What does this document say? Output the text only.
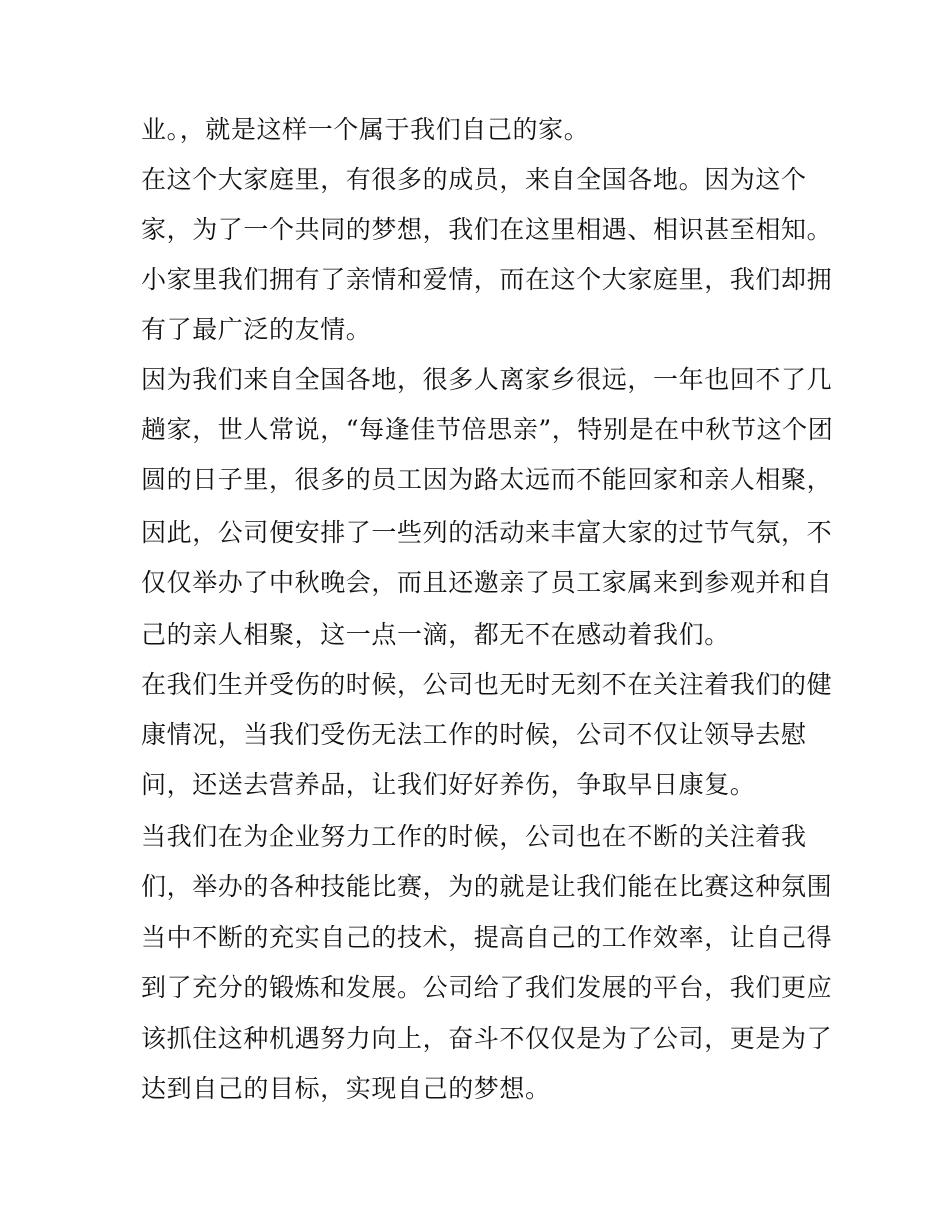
业。，就是这样一个属于我们自己的家。
在这个大家庭里，有很多的成员，来自全国各地。因为这个
家，为了一个共同的梦想，我们在这里相遇、相识甚至相知。
小家里我们拥有了亲情和爱情，而在这个大家庭里，我们却拥
有了最广泛的友情。
因为我们来自全国各地，很多人离家乡很远，一年也回不了几
趟家，世人常说，“每逢佳节倍思亲”，特别是在中秋节这个团
圆的日子里，很多的员工因为路太远而不能回家和亲人相聚，
因此，公司便安排了一些列的活动来丰富大家的过节气氛，不
仅仅举办了中秋晚会，而且还邀亲了员工家属来到参观并和自
己的亲人相聚，这一点一滴，都无不在感动着我们。
在我们生并受伤的时候，公司也无时无刻不在关注着我们的健
康情况，当我们受伤无法工作的时候，公司不仅让领导去慰
问，还送去营养品，让我们好好养伤，争取早日康复。
当我们在为企业努力工作的时候，公司也在不断的关注着我
们，举办的各种技能比赛，为的就是让我们能在比赛这种氛围
当中不断的充实自己的技术，提高自己的工作效率，让自己得
到了充分的锻炼和发展。公司给了我们发展的平台，我们更应
该抓住这种机遇努力向上，奋斗不仅仅是为了公司，更是为了
达到自己的目标，实现自己的梦想。
